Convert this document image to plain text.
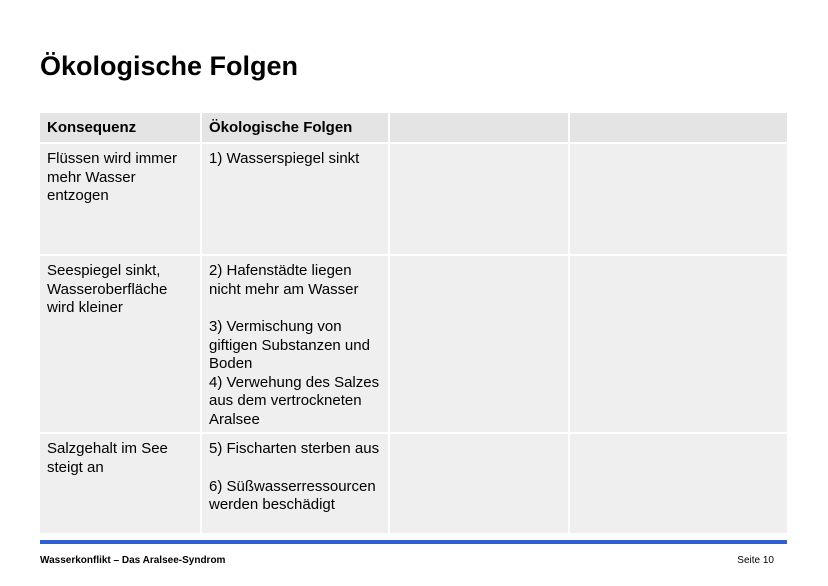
Ökologische Folgen
Konsequenz	Ökologische Folgen		
Flüssen wird immer mehr Wasser entzogen	1) Wasserspiegel sinkt		

Seespiegel sinkt, Wasseroberfläche wird kleiner	2) Hafenstädte liegen nicht mehr am Wasser
3) Vermischung von giftigen Substanzen und Boden
4) Verwehung des Salzes aus dem vertrockneten Aralsee		

Salzgehalt im See steigt an	5) Fischarten sterben aus
6) Süßwasserressourcen werden beschädigt		

Wasserkonflikt – Das Aralsee-Syndrom	Seite 10
